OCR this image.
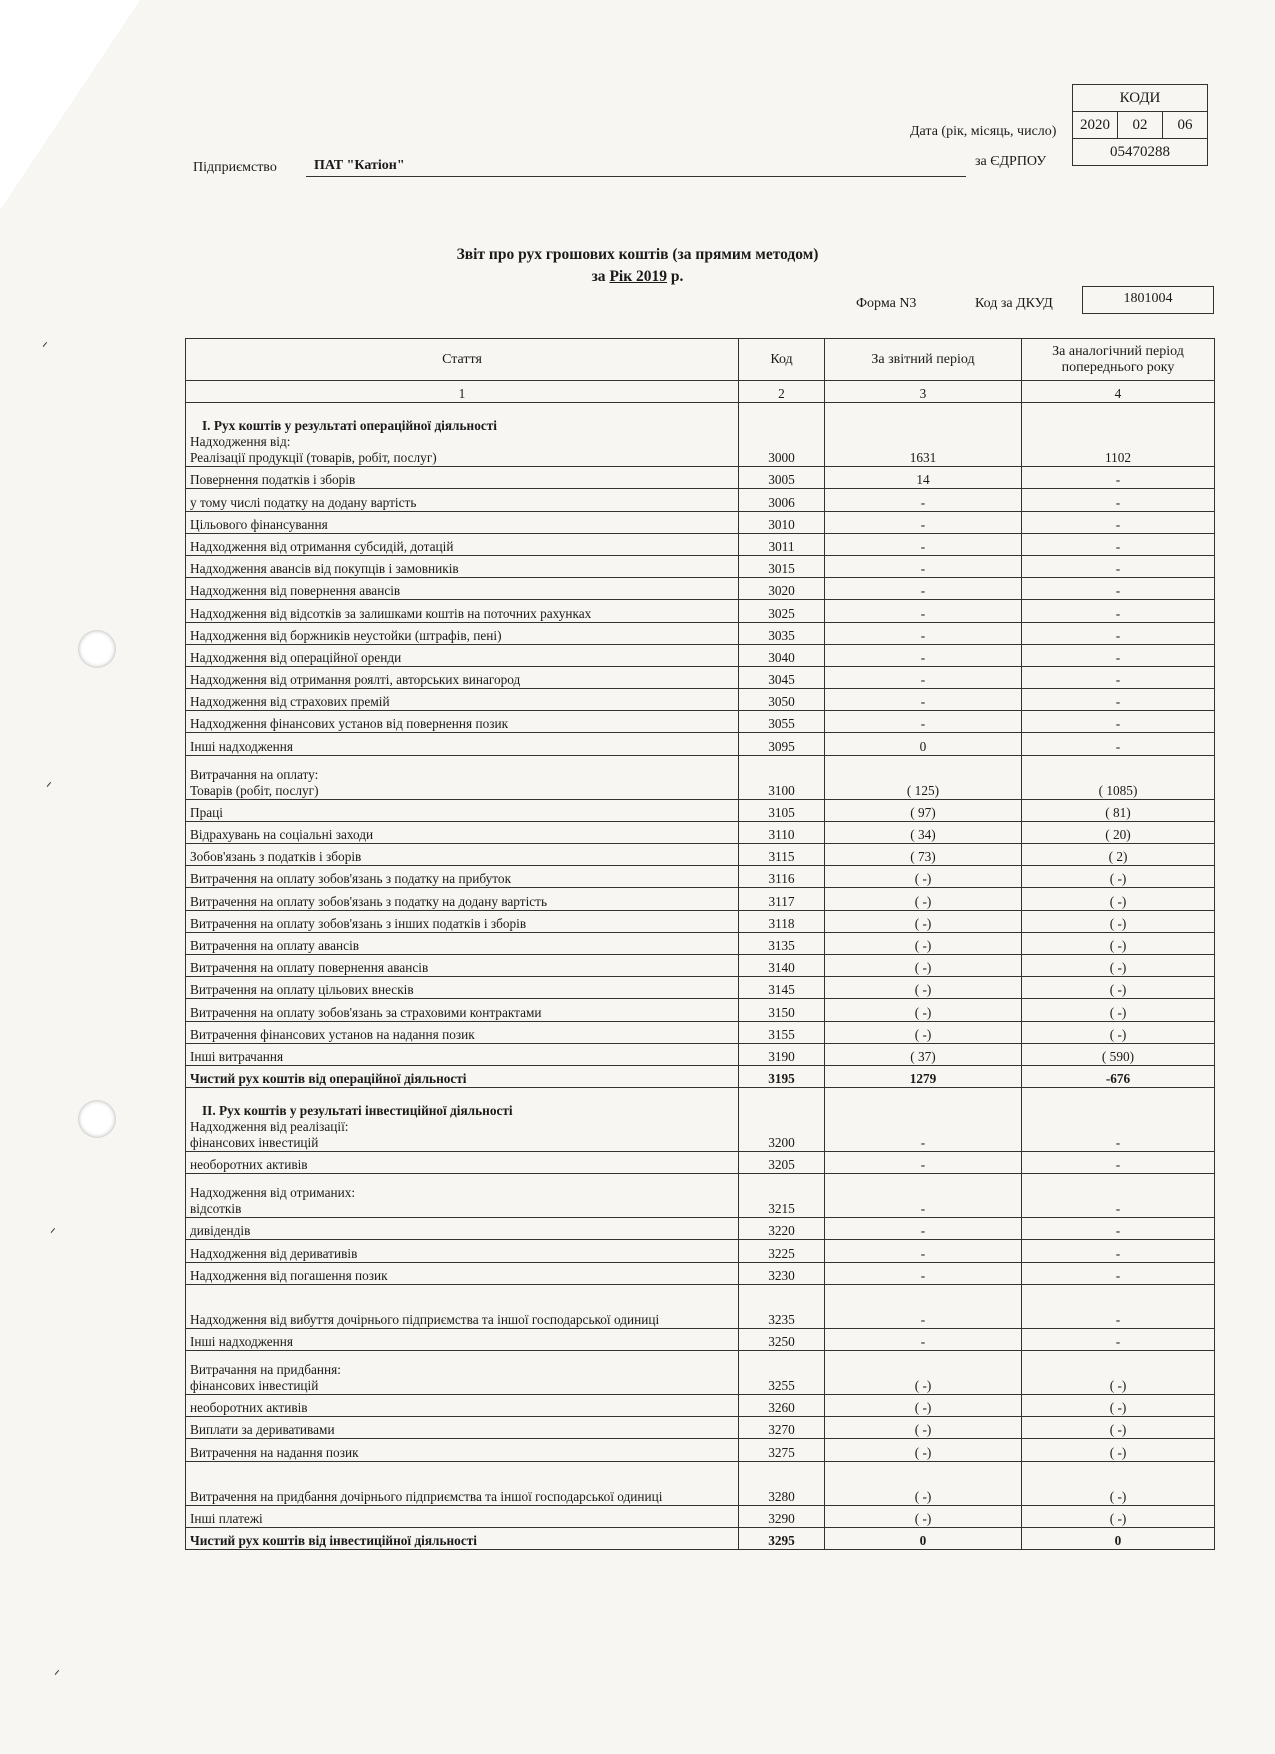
КОДИ
2020	02	06
05470288
Дата (рік, місяць, число)
за ЄДРПОУ
Підприємство	ПАТ "Катіон"
Звіт про рух грошових коштів (за прямим методом)
за Рік 2019 р.
Форма N3	Код за ДКУД	1801004
Стаття	Код	За звітний період	За аналогічний період попереднього року
1	2	3	4

I. Рух коштів у результаті операційної діяльності
Надходження від:
Реалізації продукції (товарів, робіт, послуг)	3000	1631	1102

Повернення податків і зборів	3005	14	-

у тому числі податку на додану вартість	3006	-	-

Цільового фінансування	3010	-	-

Надходження від отримання субсидій, дотацій	3011	-	-

Надходження авансів від покупців і замовників	3015	-	-

Надходження від повернення авансів	3020	-	-

Надходження від відсотків за залишками коштів на поточних рахунках	3025	-	-

Надходження від боржників неустойки (штрафів, пені)	3035	-	-

Надходження від операційної оренди	3040	-	-

Надходження від отримання роялті, авторських винагород	3045	-	-

Надходження від страхових премій	3050	-	-

Надходження фінансових установ від повернення позик	3055	-	-

Інші надходження	3095	0	-

Витрачання на оплату:
Товарів (робіт, послуг)	3100	( 125)	( 1085)

Праці	3105	( 97)	( 81)

Відрахувань на соціальні заходи	3110	( 34)	( 20)

Зобов'язань з податків і зборів	3115	( 73)	( 2)

Витрачення на оплату зобов'язань з податку на прибуток	3116	( -)	( -)

Витрачення на оплату зобов'язань з податку на додану вартість	3117	( -)	( -)

Витрачення на оплату зобов'язань з інших податків і зборів	3118	( -)	( -)

Витрачення на оплату авансів	3135	( -)	( -)

Витрачення на оплату повернення авансів	3140	( -)	( -)

Витрачення на оплату цільових внесків	3145	( -)	( -)

Витрачення на оплату зобов'язань за страховими контрактами	3150	( -)	( -)

Витрачення фінансових установ на надання позик	3155	( -)	( -)

Інші витрачання	3190	( 37)	( 590)

Чистий рух коштів від операційної діяльності	3195	1279	-676

II. Рух коштів у результаті інвестиційної діяльності
Надходження від реалізації:
фінансових інвестицій	3200	-	-

необоротних активів	3205	-	-

Надходження від отриманих:
відсотків	3215	-	-

дивідендів	3220	-	-

Надходження від деривативів	3225	-	-

Надходження від погашення позик	3230	-	-

Надходження від вибуття дочірнього підприємства та іншої господарської одиниці	3235	-	-

Інші надходження	3250	-	-

Витрачання на придбання:
фінансових інвестицій	3255	( -)	( -)

необоротних активів	3260	( -)	( -)

Виплати за деривативами	3270	( -)	( -)

Витрачення на надання позик	3275	( -)	( -)

Витрачення на придбання дочірнього підприємства та іншої господарської одиниці	3280	( -)	( -)

Інші платежі	3290	( -)	( -)

Чистий рух коштів від інвестиційної діяльності	3295	0	0
ᐟ
ᐟ
ᐟ
ᐟ
